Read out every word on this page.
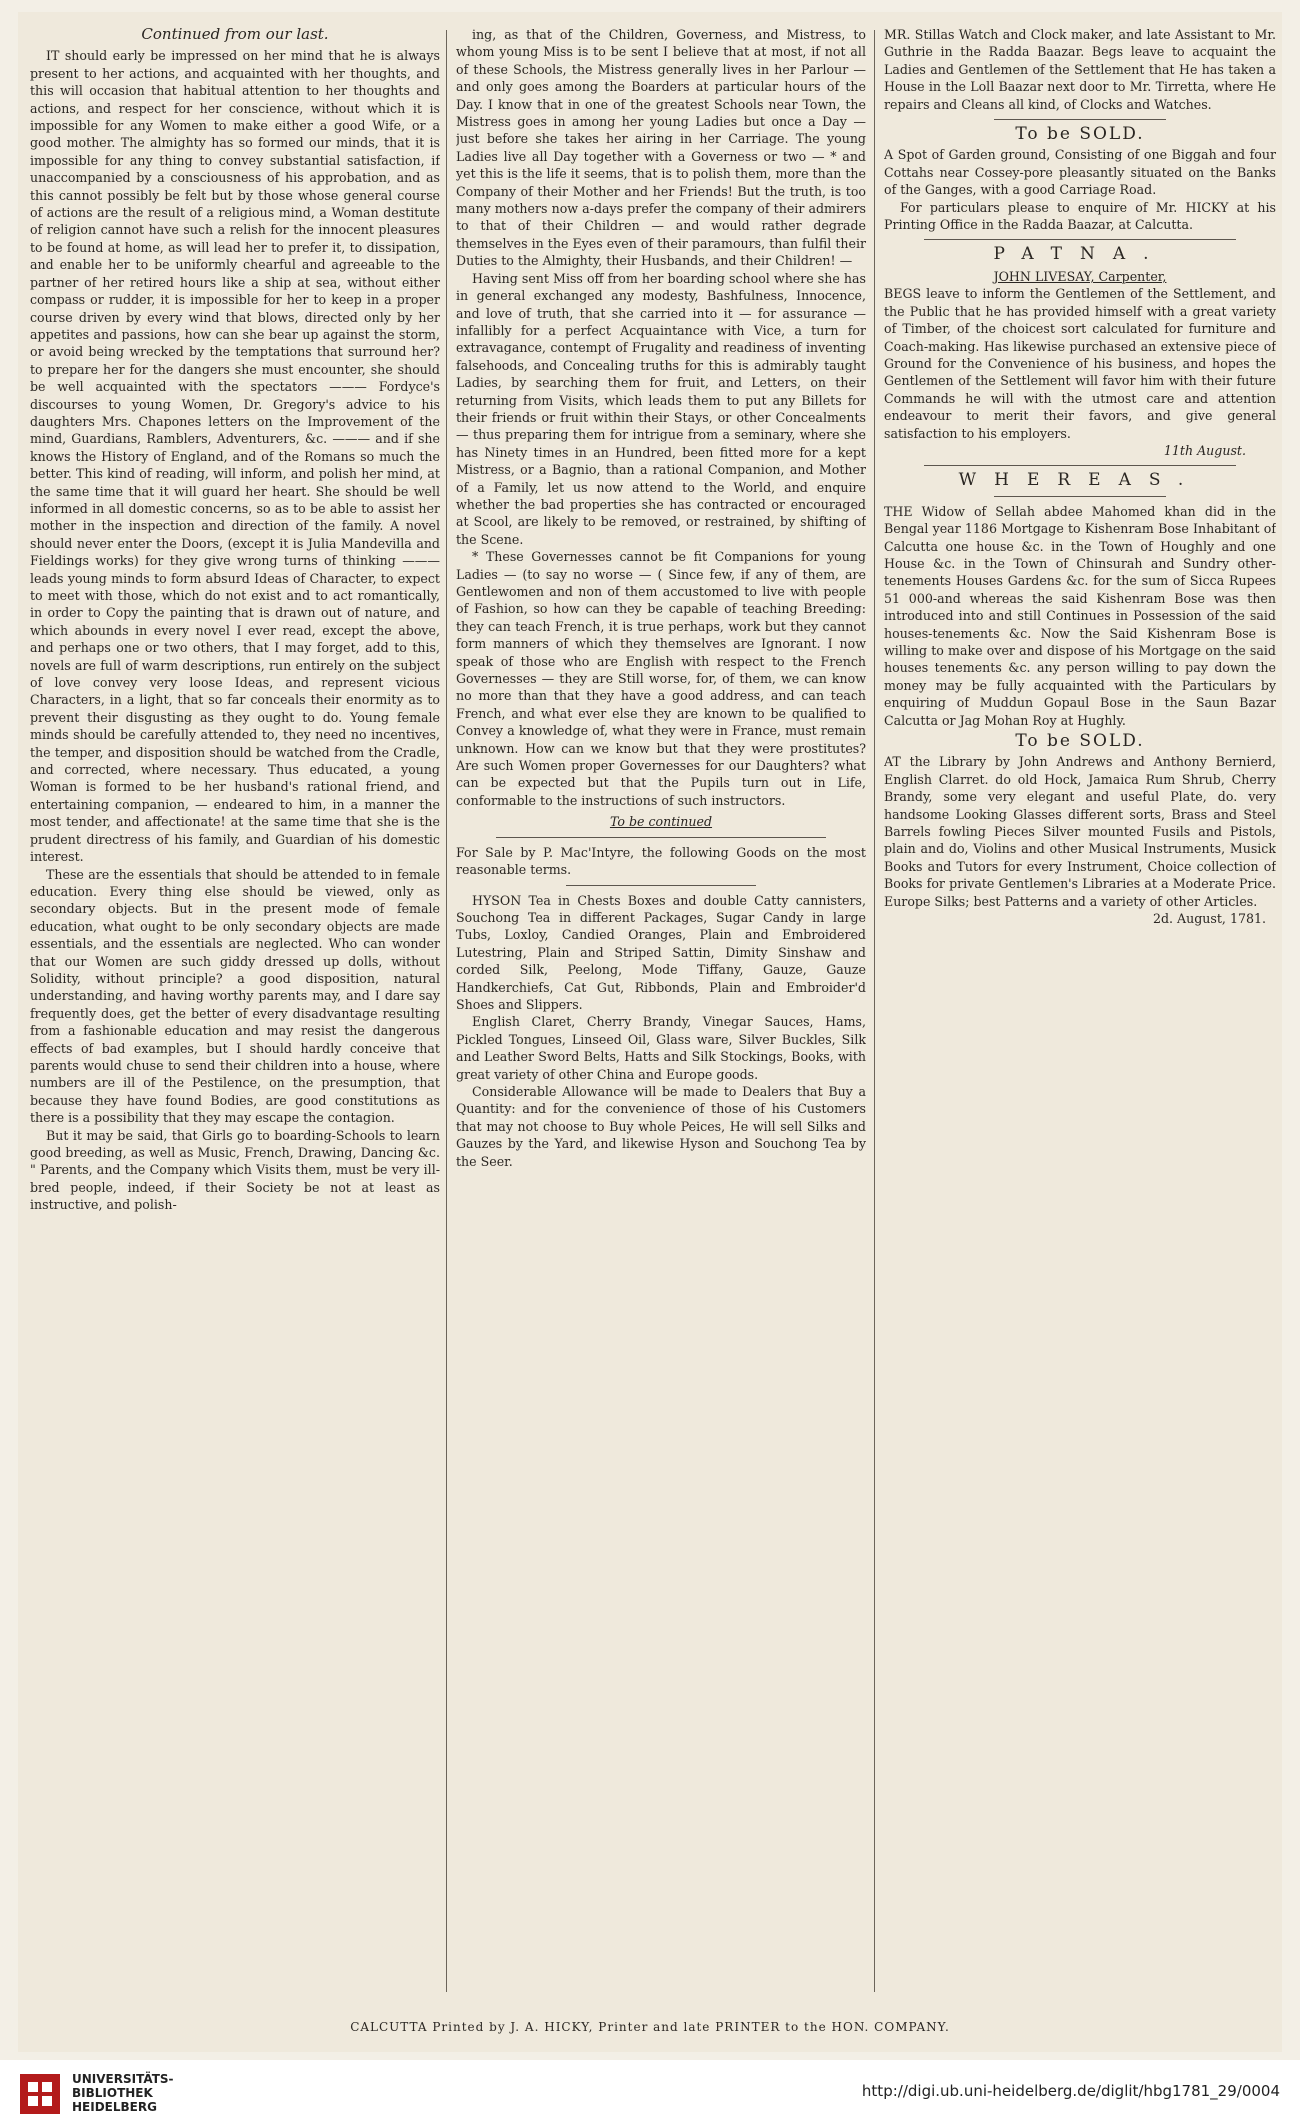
Continued from our last.

IT should early be impressed on her mind that he is always present to her actions, and acquainted with her thoughts, and this will occasion that habitual attention to her thoughts and actions, and respect for her conscience, without which it is impossible for any Women to make either a good Wife, or a good mother. The almighty has so formed our minds, that it is impossible for any thing to convey substantial satisfaction, if unaccompanied by a consciousness of his approbation, and as this cannot possibly be felt but by those whose general course of actions are the result of a religious mind, a Woman destitute of religion cannot have such a relish for the innocent pleasures to be found at home, as will lead her to prefer it, to dissipation, and enable her to be uniformly chearful and agreeable to the partner of her retired hours like a ship at sea, without either compass or rudder, it is impossible for her to keep in a proper course driven by every wind that blows, directed only by her appetites and passions, how can she bear up against the storm, or avoid being wrecked by the temptations that surround her? to prepare her for the dangers she must encounter, she should be well acquainted with the spectators ——— Fordyce's discourses to young Women, Dr. Gregory's advice to his daughters Mrs. Chapones letters on the Improvement of the mind, Guardians, Ramblers, Adventurers, &c. ——— and if she knows the History of England, and of the Romans so much the better. This kind of reading, will inform, and polish her mind, at the same time that it will guard her heart. She should be well informed in all domestic concerns, so as to be able to assist her mother in the inspection and direction of the family. A novel should never enter the Doors, (except it is Julia Mandevilla and Fieldings works) for they give wrong turns of thinking ——— leads young minds to form absurd Ideas of Character, to expect to meet with those, which do not exist and to act romantically, in order to Copy the painting that is drawn out of nature, and which abounds in every novel I ever read, except the above, and perhaps one or two others, that I may forget, add to this, novels are full of warm descriptions, run entirely on the subject of love convey very loose Ideas, and represent vicious Characters, in a light, that so far conceals their enormity as to prevent their disgusting as they ought to do. Young female minds should be carefully attended to, they need no incentives, the temper, and disposition should be watched from the Cradle, and corrected, where necessary. Thus educated, a young Woman is formed to be her husband's rational friend, and entertaining companion, — endeared to him, in a manner the most tender, and affectionate! at the same time that she is the prudent directress of his family, and Guardian of his domestic interest.

These are the essentials that should be attended to in female education. Every thing else should be viewed, only as secondary objects. But in the present mode of female education, what ought to be only secondary objects are made essentials, and the essentials are neglected. Who can wonder that our Women are such giddy dressed up dolls, without Solidity, without principle? a good disposition, natural understanding, and having worthy parents may, and I dare say frequently does, get the better of every disadvantage resulting from a fashionable education and may resist the dangerous effects of bad examples, but I should hardly conceive that parents would chuse to send their children into a house, where numbers are ill of the Pestilence, on the presumption, that because they have found Bodies, are good constitutions as there is a possibility that they may escape the contagion.

But it may be said, that Girls go to boarding-Schools to learn good breeding, as well as Music, French, Drawing, Dancing &c. " Parents, and the Company which Visits them, must be very ill-bred people, indeed, if their Society be not at least as instructive, and polish-

ing, as that of the Children, Governess, and Mistress, to whom young Miss is to be sent I believe that at most, if not all of these Schools, the Mistress generally lives in her Parlour — and only goes among the Boarders at particular hours of the Day. I know that in one of the greatest Schools near Town, the Mistress goes in among her young Ladies but once a Day — just before she takes her airing in her Carriage. The young Ladies live all Day together with a Governess or two — * and yet this is the life it seems, that is to polish them, more than the Company of their Mother and her Friends! But the truth, is too many mothers now a-days prefer the company of their admirers to that of their Children — and would rather degrade themselves in the Eyes even of their paramours, than fulfil their Duties to the Almighty, their Husbands, and their Children! —

Having sent Miss off from her boarding school where she has in general exchanged any modesty, Bashfulness, Innocence, and love of truth, that she carried into it — for assurance — infallibly for a perfect Acquaintance with Vice, a turn for extravagance, contempt of Frugality and readiness of inventing falsehoods, and Concealing truths for this is admirably taught Ladies, by searching them for fruit, and Letters, on their returning from Visits, which leads them to put any Billets for their friends or fruit within their Stays, or other Concealments — thus preparing them for intrigue from a seminary, where she has Ninety times in an Hundred, been fitted more for a kept Mistress, or a Bagnio, than a rational Companion, and Mother of a Family, let us now attend to the World, and enquire whether the bad properties she has contracted or encouraged at Scool, are likely to be removed, or restrained, by shifting of the Scene.

* These Governesses cannot be fit Companions for young Ladies — (to say no worse — ( Since few, if any of them, are Gentlewomen and non of them accustomed to live with people of Fashion, so how can they be capable of teaching Breeding: they can teach French, it is true perhaps, work but they cannot form manners of which they themselves are Ignorant. I now speak of those who are English with respect to the French Governesses — they are Still worse, for, of them, we can know no more than that they have a good address, and can teach French, and what ever else they are known to be qualified to Convey a knowledge of, what they were in France, must remain unknown. How can we know but that they were prostitutes? Are such Women proper Governesses for our Daughters? what can be expected but that the Pupils turn out in Life, conformable to the instructions of such instructors.

To be continued

For Sale by P. Mac'Intyre, the following Goods on the most reasonable terms.

HYSON Tea in Chests Boxes and double Catty cannisters, Souchong Tea in different Packages, Sugar Candy in large Tubs, Loxloy, Candied Oranges, Plain and Embroidered Lutestring, Plain and Striped Sattin, Dimity Sinshaw and corded Silk, Peelong, Mode Tiffany, Gauze, Gauze Handkerchiefs, Cat Gut, Ribbonds, Plain and Embroider'd Shoes and Slippers.

English Claret, Cherry Brandy, Vinegar Sauces, Hams, Pickled Tongues, Linseed Oil, Glass ware, Silver Buckles, Silk and Leather Sword Belts, Hatts and Silk Stockings, Books, with great variety of other China and Europe goods.

Considerable Allowance will be made to Dealers that Buy a Quantity: and for the convenience of those of his Customers that may not choose to Buy whole Peices, He will sell Silks and Gauzes by the Yard, and likewise Hyson and Souchong Tea by the Seer.

MR. Stillas Watch and Clock maker, and late Assistant to Mr. Guthrie in the Radda Baazar. Begs leave to acquaint the Ladies and Gentlemen of the Settlement that He has taken a House in the Loll Baazar next door to Mr. Tirretta, where He repairs and Cleans all kind, of Clocks and Watches.

To be SOLD.

A Spot of Garden ground, Consisting of one Biggah and four Cottahs near Cossey-pore pleasantly situated on the Banks of the Ganges, with a good Carriage Road.

For particulars please to enquire of Mr. HICKY at his Printing Office in the Radda Baazar, at Calcutta.

PATNA.
JOHN LIVESAY, Carpenter,

BEGS leave to inform the Gentlemen of the Settlement, and the Public that he has provided himself with a great variety of Timber, of the choicest sort calculated for furniture and Coach-making. Has likewise purchased an extensive piece of Ground for the Convenience of his business, and hopes the Gentlemen of the Settlement will favor him with their future Commands he will with the utmost care and attention endeavour to merit their favors, and give general satisfaction to his employers.

11th August.
WHEREAS.

THE Widow of Sellah abdee Mahomed khan did in the Bengal year 1186 Mortgage to Kishenram Bose Inhabitant of Calcutta one house &c. in the Town of Houghly and one House &c. in the Town of Chinsurah and Sundry other-tenements Houses Gardens &c. for the sum of Sicca Rupees 51 000-and whereas the said Kishenram Bose was then introduced into and still Continues in Possession of the said houses-tenements &c. Now the Said Kishenram Bose is willing to make over and dispose of his Mortgage on the said houses tenements &c. any person willing to pay down the money may be fully acquainted with the Particulars by enquiring of Muddun Gopaul Bose in the Saun Bazar Calcutta or Jag Mohan Roy at Hughly.

To be SOLD.

AT the Library by John Andrews and Anthony Bernierd, English Clarret. do old Hock, Jamaica Rum Shrub, Cherry Brandy, some very elegant and useful Plate, do. very handsome Looking Glasses different sorts, Brass and Steel Barrels fowling Pieces Silver mounted Fusils and Pistols, plain and do, Violins and other Musical Instruments, Musick Books and Tutors for every Instrument, Choice collection of Books for private Gentlemen's Libraries at a Moderate Price. Europe Silks; best Patterns and a variety of other Articles.

2d. August, 1781.
CALCUTTA Printed by J. A. HICKY, Printer and late PRINTER to the HON. COMPANY.
UNIVERSITÄTS-
BIBLIOTHEK
HEIDELBERG
http://digi.ub.uni-heidelberg.de/diglit/hbg1781_29/0004
